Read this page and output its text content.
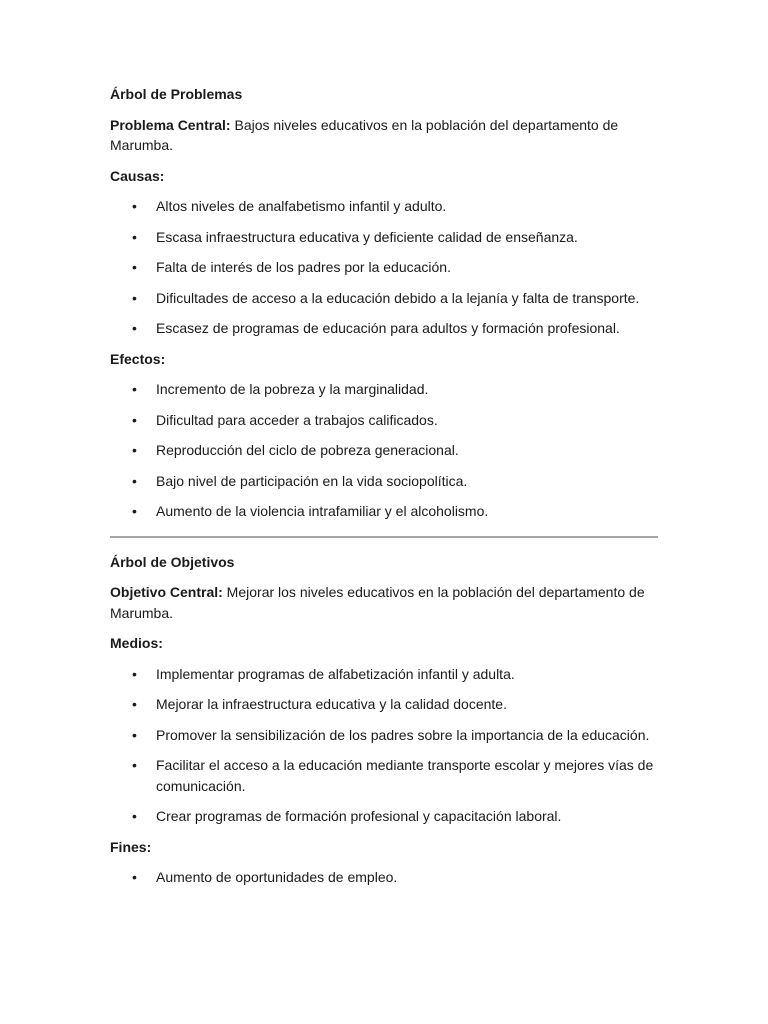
Árbol de Problemas
Problema Central: Bajos niveles educativos en la población del departamento de Marumba.
Causas:
• Altos niveles de analfabetismo infantil y adulto.
• Escasa infraestructura educativa y deficiente calidad de enseñanza.
• Falta de interés de los padres por la educación.
• Dificultades de acceso a la educación debido a la lejanía y falta de transporte.
• Escasez de programas de educación para adultos y formación profesional.
Efectos:
• Incremento de la pobreza y la marginalidad.
• Dificultad para acceder a trabajos calificados.
• Reproducción del ciclo de pobreza generacional.
• Bajo nivel de participación en la vida sociopolítica.
• Aumento de la violencia intrafamiliar y el alcoholismo.
Árbol de Objetivos
Objetivo Central: Mejorar los niveles educativos en la población del departamento de Marumba.
Medios:
• Implementar programas de alfabetización infantil y adulta.
• Mejorar la infraestructura educativa y la calidad docente.
• Promover la sensibilización de los padres sobre la importancia de la educación.
• Facilitar el acceso a la educación mediante transporte escolar y mejores vías de comunicación.
• Crear programas de formación profesional y capacitación laboral.
Fines:
• Aumento de oportunidades de empleo.
